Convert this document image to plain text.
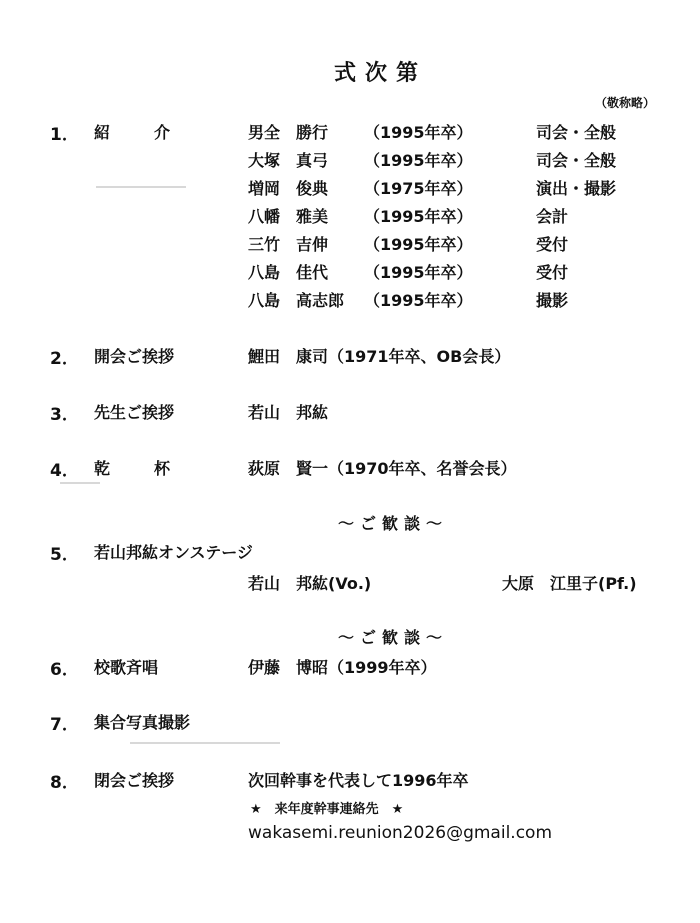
式次第
（敬称略）
1． 紹　介	男全　勝行 （1995年卒）	司会・全般
大塚　真弓 （1995年卒）	司会・全般
増岡　俊典 （1975年卒）	演出・撮影
八幡　雅美 （1995年卒）	会計
三竹　吉伸 （1995年卒）	受付
八島　佳代 （1995年卒）	受付
八島　高志郎 （1995年卒）	撮影
2． 開会ご挨拶	鯉田　康司（1971年卒、OB会長）
3． 先生ご挨拶	若山　邦紘
4． 乾　杯	荻原　賢一（1970年卒、名誉会長）
～ご歓談～
5． 若山邦紘オンステージ
若山　邦紘(Vo.)	大原　江里子(Pf.)
～ご歓談～
6． 校歌斉唱	伊藤　博昭（1999年卒）
7． 集合写真撮影
8． 閉会ご挨拶	次回幹事を代表して1996年卒
★　来年度幹事連絡先　★
wakasemi.reunion2026@gmail.com
